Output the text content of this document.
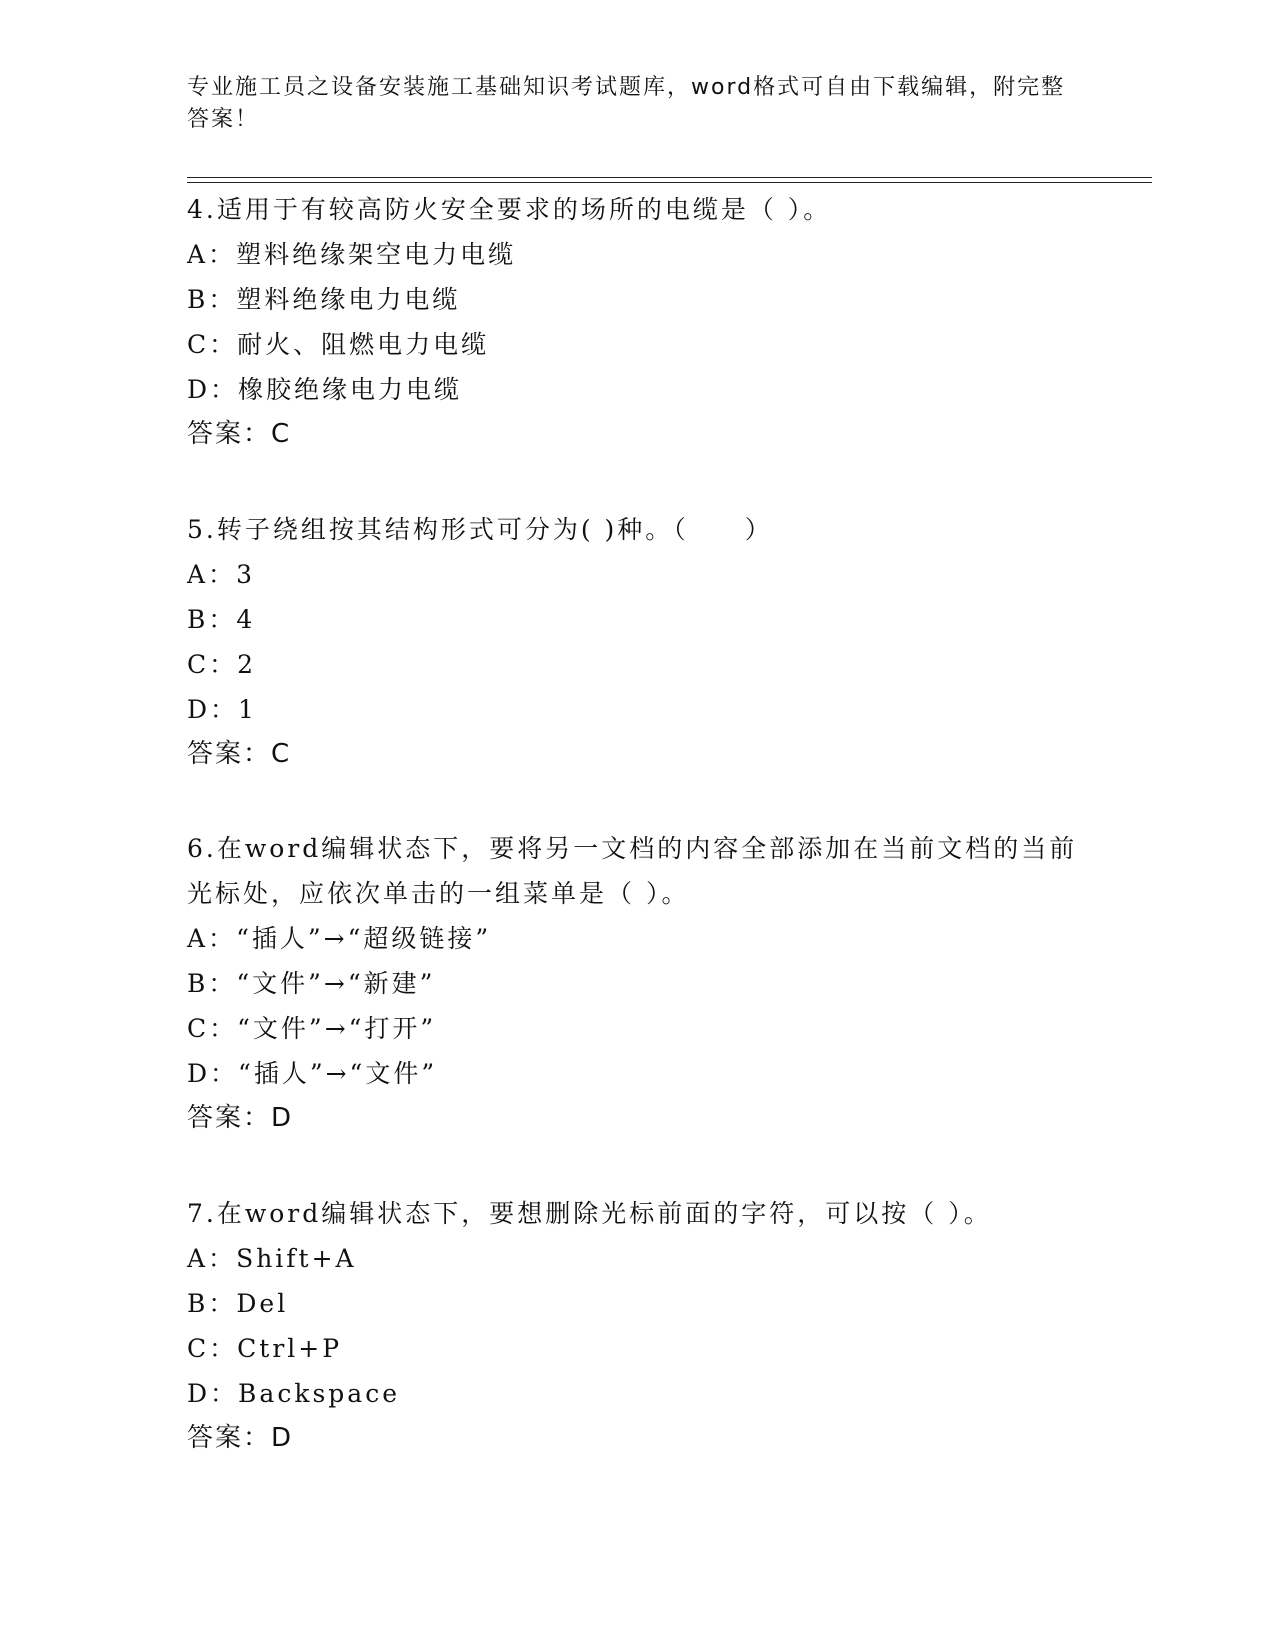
专业施工员之设备安装施工基础知识考试题库，word格式可自由下载编辑，附完整答案！

4.适用于有较高防火安全要求的场所的电缆是（ ）。

A：塑料绝缘架空电力电缆

B：塑料绝缘电力电缆

C：耐火、阻燃电力电缆

D：橡胶绝缘电力电缆

答案：C

5.转子绕组按其结构形式可分为( )种。（　　）

A：3

B：4

C：2

D：1

答案：C

6.在word编辑状态下，要将另一文档的内容全部添加在当前文档的当前光标处，应依次单击的一组菜单是（ ）。

A：“插人”→“超级链接”

B：“文件”→“新建”

C：“文件”→“打开”

D：“插人”→“文件”

答案：D

7.在word编辑状态下，要想删除光标前面的字符，可以按（ ）。

A：Shift+A

B：Del

C：Ctrl+P

D：Backspace

答案：D
